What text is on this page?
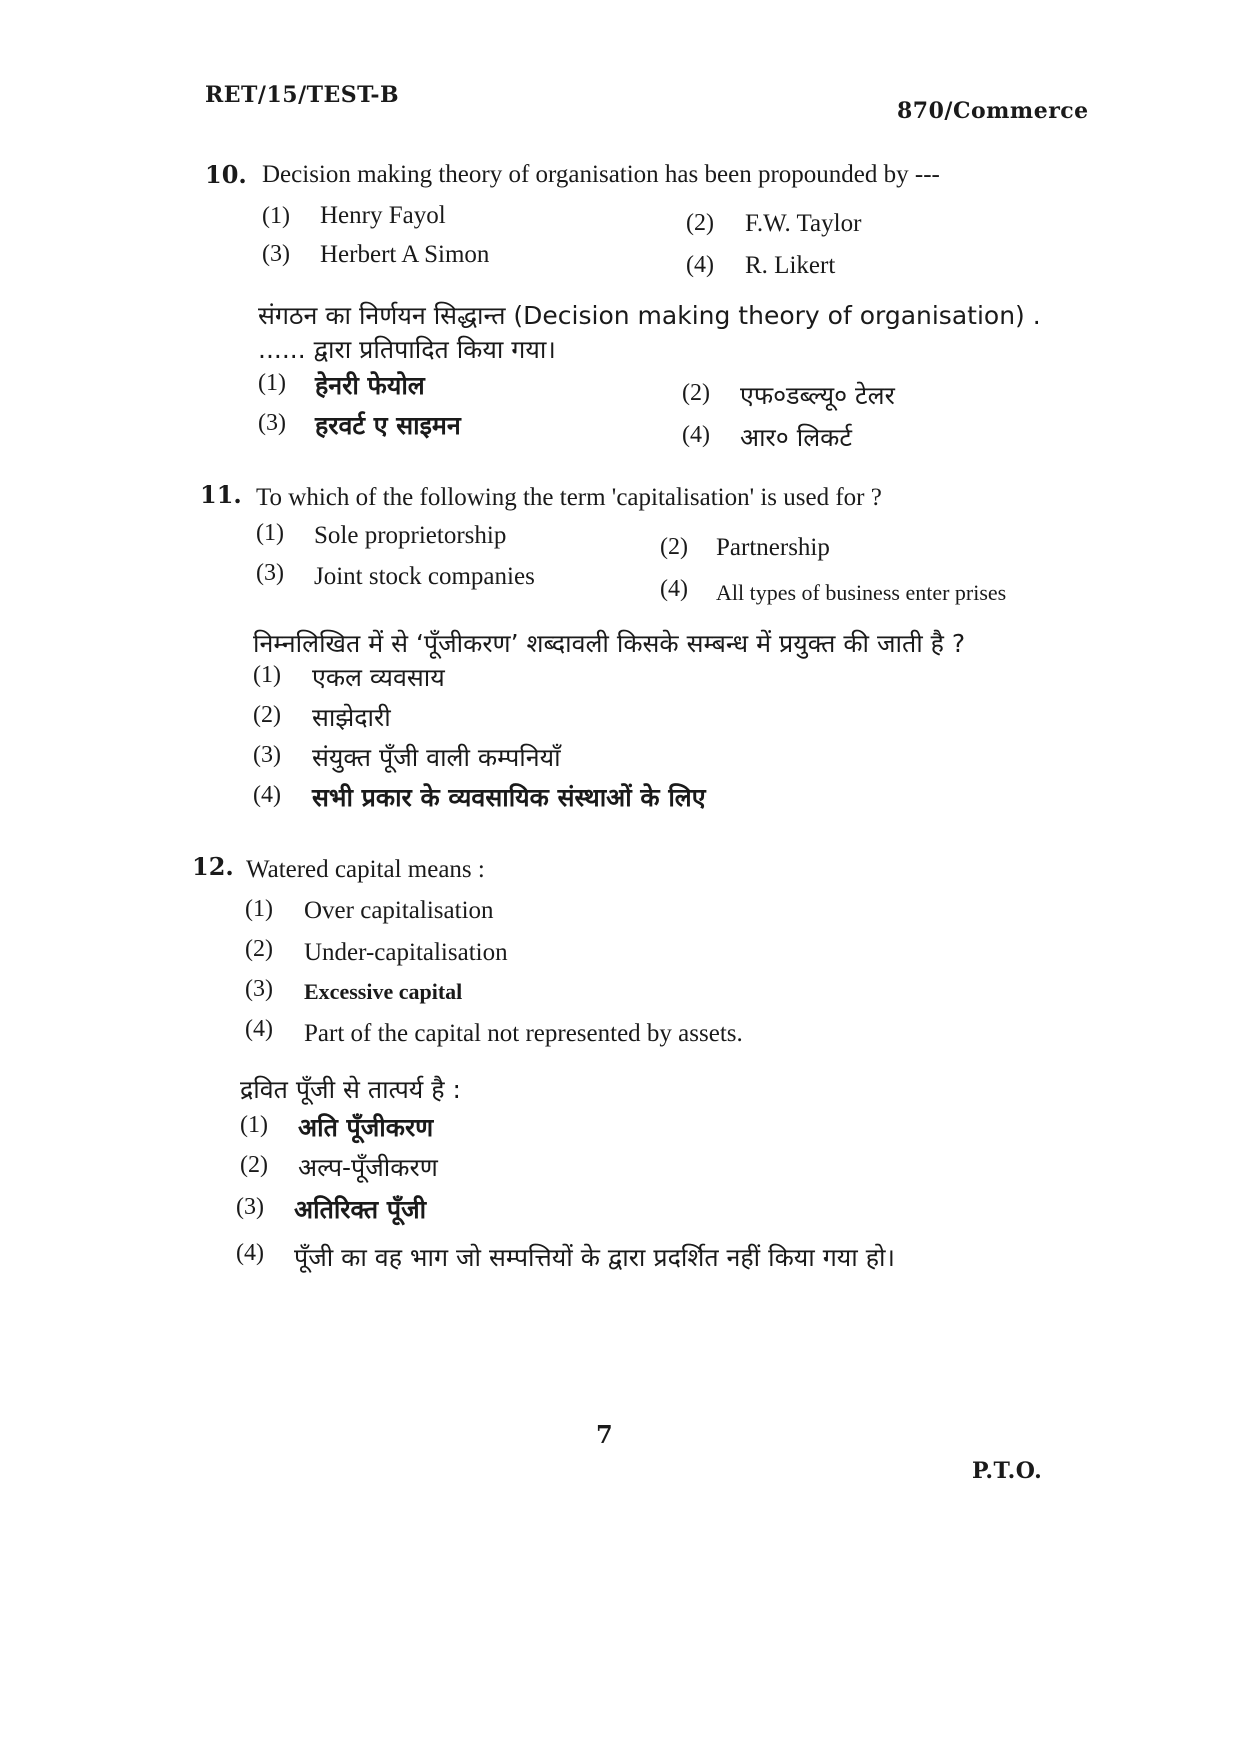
RET/15/TEST-B
870/Commerce
10. Decision making theory of organisation has been propounded by ---
(1) Henry Fayol	(2) F.W. Taylor
(3) Herbert A Simon	(4) R. Likert
संगठन का निर्णयन सिद्धान्त (Decision making theory of organisation) .
...... द्वारा प्रतिपादित किया गया।
(1) हेनरी फेयोल	(2) एफ०डब्ल्यू० टेलर
(3) हरवर्ट ए साइमन	(4) आर० लिकर्ट
11. To which of the following the term 'capitalisation' is used for ?
(1) Sole proprietorship	(2) Partnership
(3) Joint stock companies	(4) All types of business enter prises
निम्नलिखित में से ‘पूँजीकरण’ शब्दावली किसके सम्बन्ध में प्रयुक्त की जाती है ?
(1) एकल व्यवसाय
(2) साझेदारी
(3) संयुक्त पूँजी वाली कम्पनियाँ
(4) सभी प्रकार के व्यवसायिक संस्थाओं के लिए
12. Watered capital means :
(1) Over capitalisation
(2) Under-capitalisation
(3) Excessive capital
(4) Part of the capital not represented by assets.
द्रवित पूँजी से तात्पर्य है :
(1) अति पूँजीकरण
(2) अल्प-पूँजीकरण
(3) अतिरिक्त पूँजी
(4) पूँजी का वह भाग जो सम्पत्तियों के द्वारा प्रदर्शित नहीं किया गया हो।
7
P.T.O.
